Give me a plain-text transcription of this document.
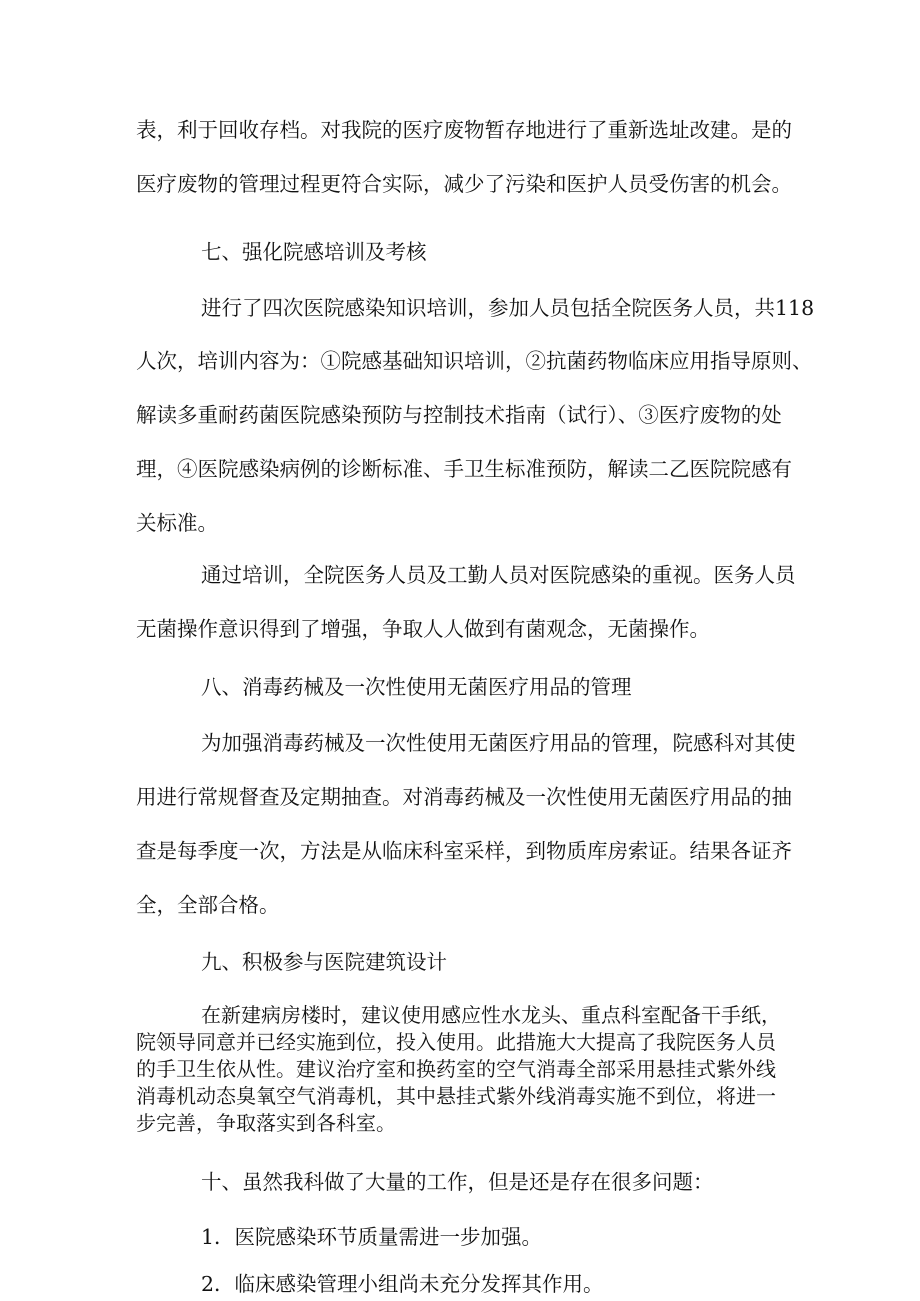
表，利于回收存档。对我院的医疗废物暂存地进行了重新选址改建。是的

医疗废物的管理过程更符合实际，减少了污染和医护人员受伤害的机会。

七、强化院感培训及考核

进行了四次医院感染知识培训，参加人员包括全院医务人员，共118

人次，培训内容为：①院感基础知识培训，②抗菌药物临床应用指导原则、

解读多重耐药菌医院感染预防与控制技术指南（试行）、③医疗废物的处

理，④医院感染病例的诊断标准、手卫生标准预防，解读二乙医院院感有

关标准。

通过培训，全院医务人员及工勤人员对医院感染的重视。医务人员

无菌操作意识得到了增强，争取人人做到有菌观念，无菌操作。

八、消毒药械及一次性使用无菌医疗用品的管理

为加强消毒药械及一次性使用无菌医疗用品的管理，院感科对其使

用进行常规督查及定期抽查。对消毒药械及一次性使用无菌医疗用品的抽

查是每季度一次，方法是从临床科室采样，到物质库房索证。结果各证齐

全，全部合格。

九、积极参与医院建筑设计

在新建病房楼时，建议使用感应性水龙头、重点科室配备干手纸，

院领导同意并已经实施到位，投入使用。此措施大大提高了我院医务人员

的手卫生依从性。建议治疗室和换药室的空气消毒全部采用悬挂式紫外线

消毒机动态臭氧空气消毒机，其中悬挂式紫外线消毒实施不到位，将进一

步完善，争取落实到各科室。

十、虽然我科做了大量的工作，但是还是存在很多问题：

1．医院感染环节质量需进一步加强。

2．临床感染管理小组尚未充分发挥其作用。
